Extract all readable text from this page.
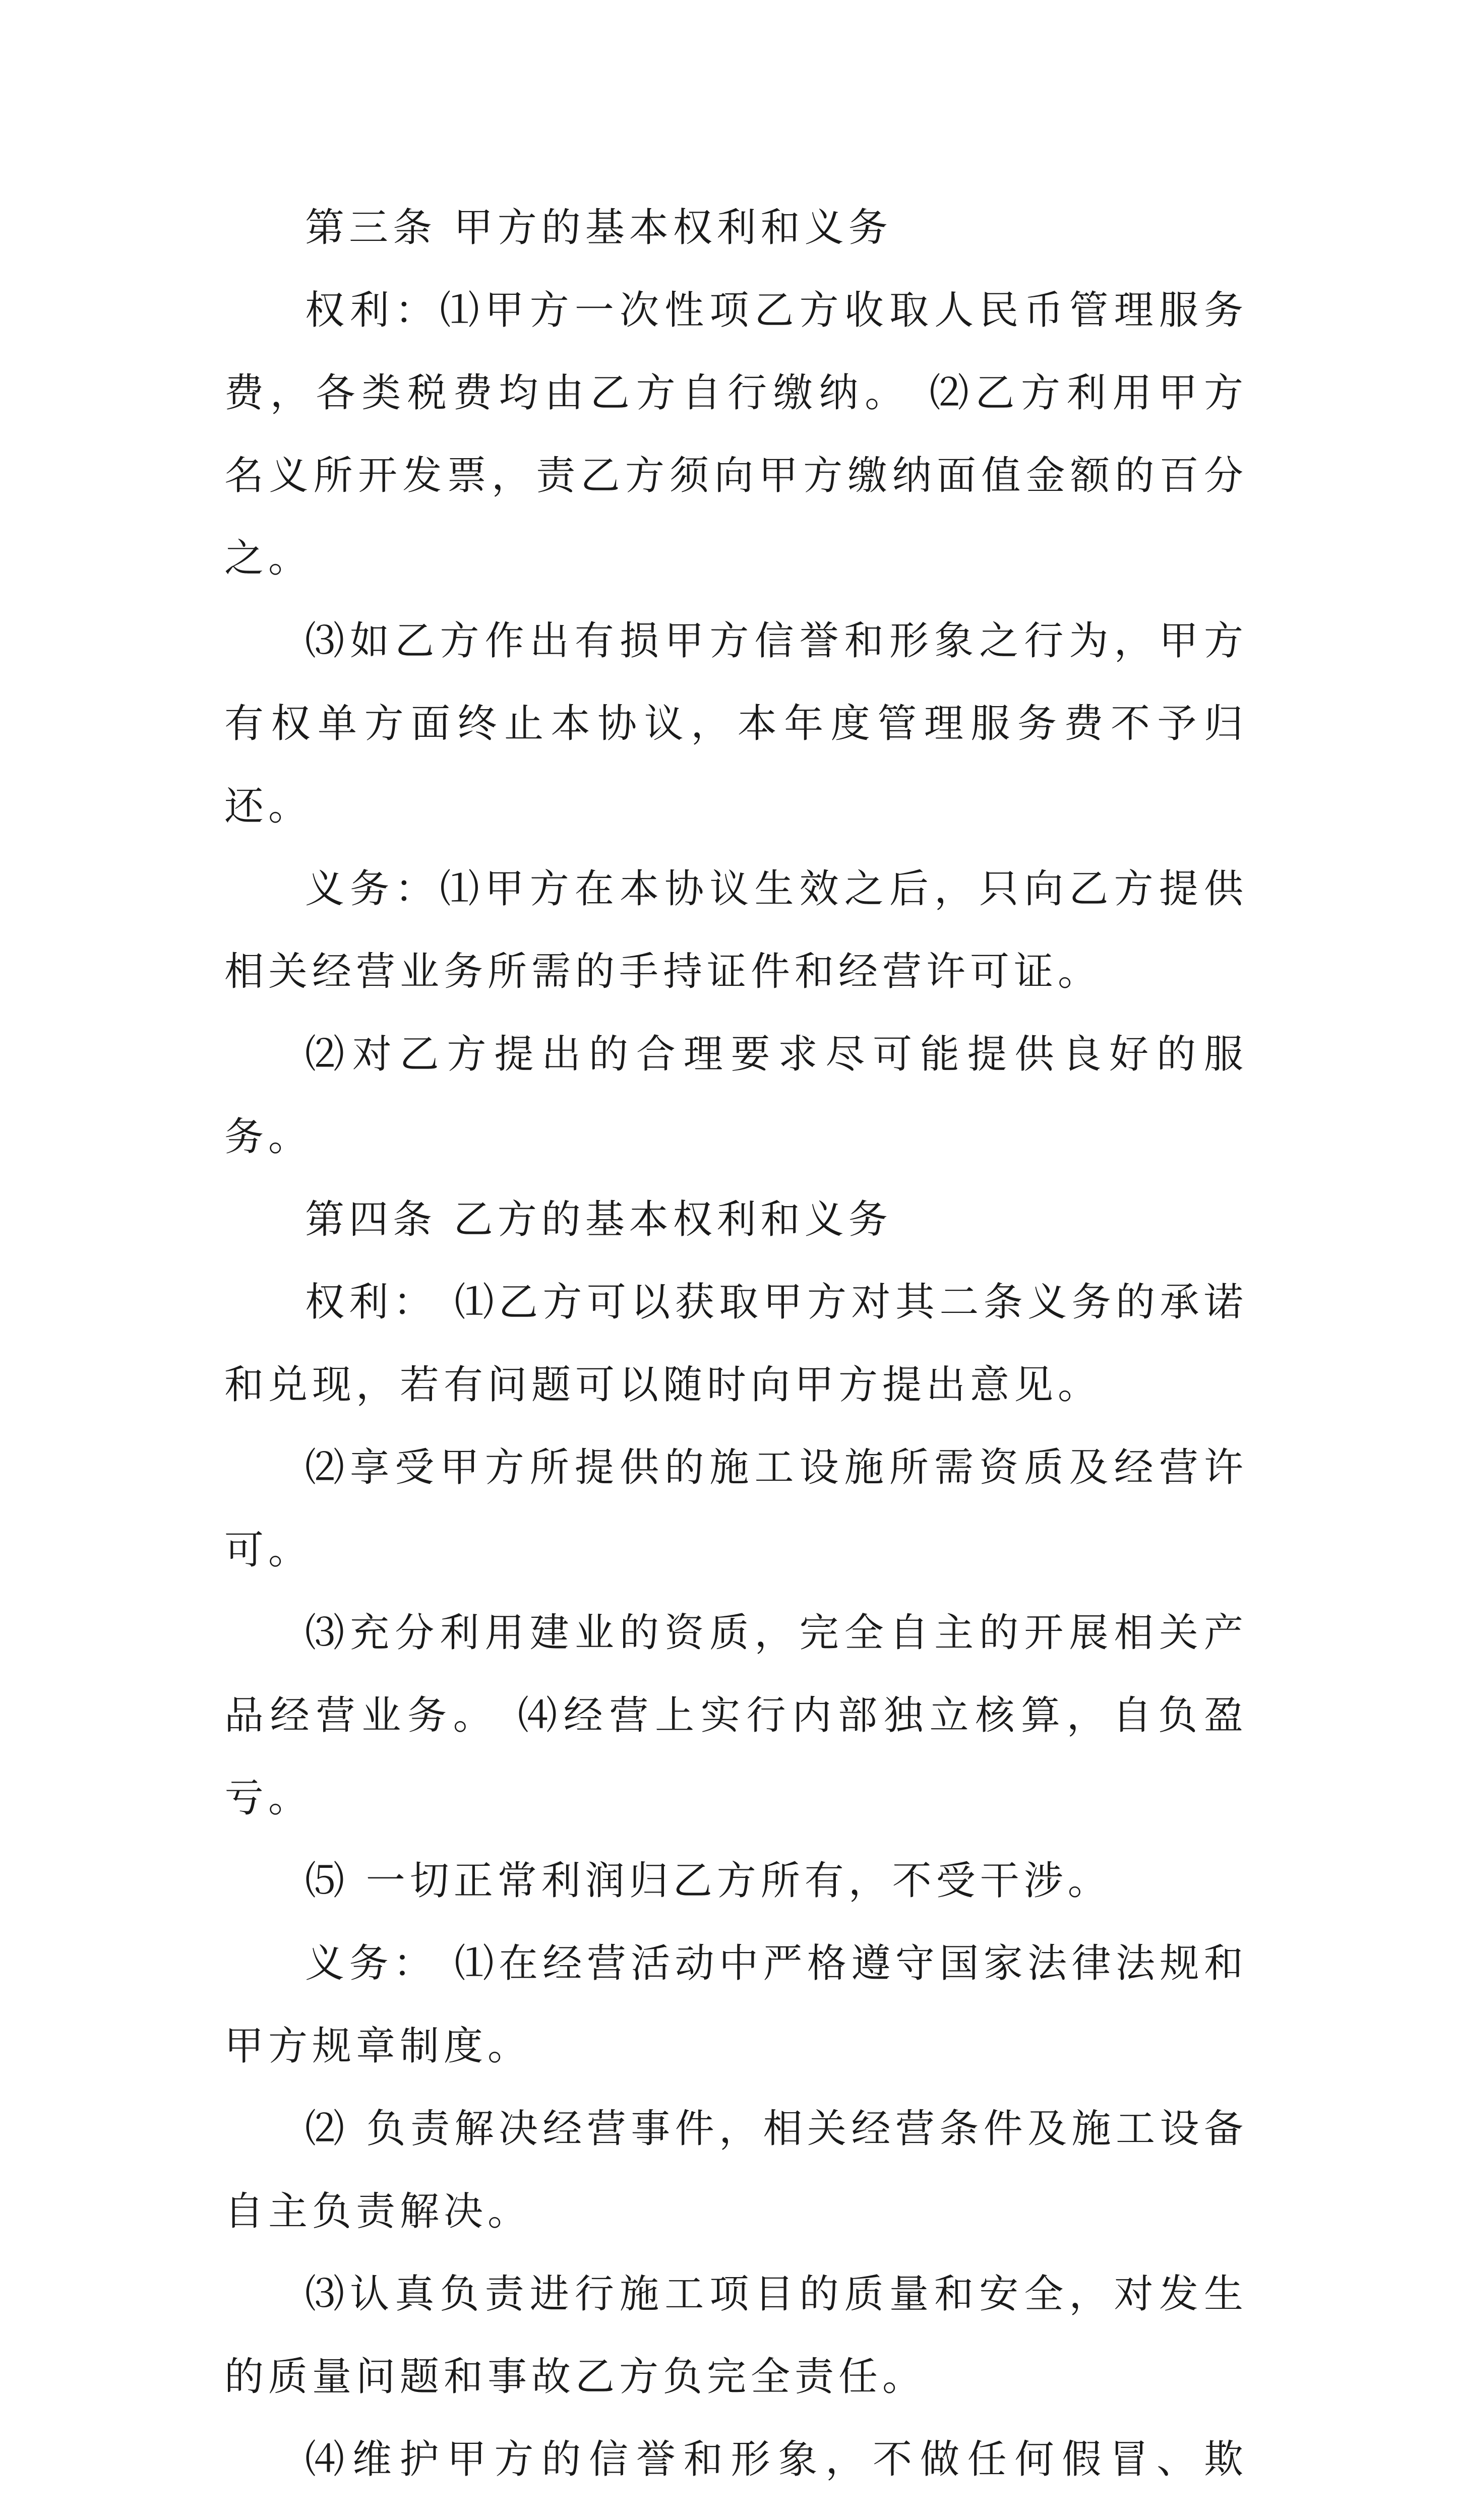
第三条 甲方的基本权利和义务

权利：⑴甲方一次性项乙方收取人民币管理服务费，各类税费均由乙方自行缴纳。 ⑵乙方利用甲方名义所开发票，责乙方须向甲方缴纳面值金额的百分之。

⑶如乙方作出有损甲方信誉和形象之行为，甲方有权单方面终止本协议，本年度管理服务费不予归还。

义务：⑴甲方在本协议生效之后，只向乙方提供相关经营业务所需的手持证件和经营许可证。

⑵对乙方提出的合理要求尽可能提供良好的服务。

第四条 乙方的基本权利和义务

权利： ⑴乙方可以获取甲方对其二条义务的承诺和兑现，若有问题可以随时向甲方提出意见。

⑵享受甲方所提供的施工设施所需资质及经营许可。

⑶充分利用建业的资质，完全自主的开展相关产品经营业务。 ⑷经营上实行内部独立核算，自负盈亏。

⑸ 一切正常利润归乙方所有，不受干涉。

义务： ⑴在经营活动中严格遵守国家法律法规和甲方规章制度。

⑵ 负责解决经营事件，相关经营条件及施工设备自主负责解决。

⑶认真负责进行施工项目的质量和安全，对发生的质量问题和事故乙方负完全责任。

⑷维护甲方的信誉和形象，不做任何假冒、欺
